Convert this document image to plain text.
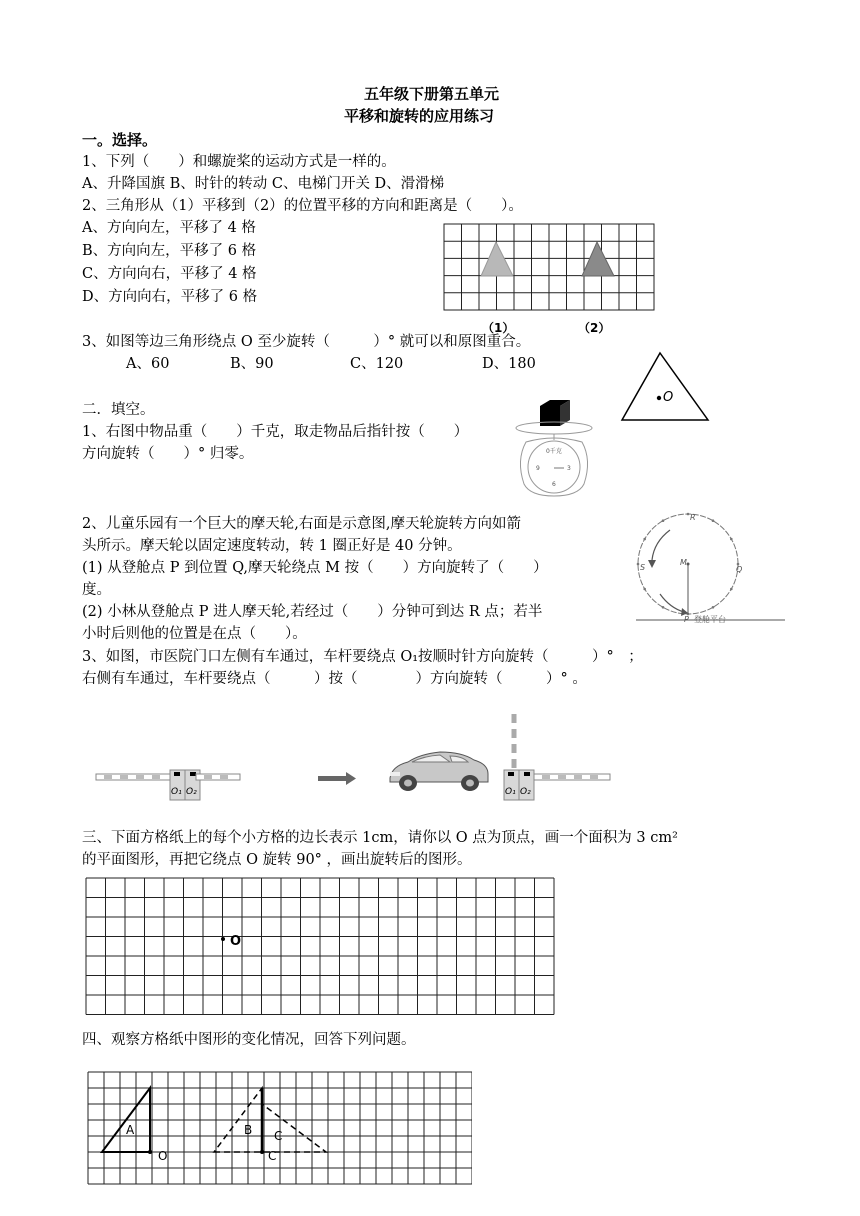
五年级下册第五单元
平移和旋转的应用练习
一。选择。
1、下列（　　）和螺旋桨的运动方式是一样的。
A、升降国旗 B、时针的转动 C、电梯门开关 D、滑滑梯
2、三角形从（1）平移到（2）的位置平移的方向和距离是（　　）。
A、方向向左，平移了 4 格
B、方向向左，平移了 6 格
C、方向向右，平移了 4 格
D、方向向右，平移了 6 格
（1）	（2）
3、如图等边三角形绕点 O 至少旋转（　　　）° 就可以和原图重合。
A、60	B、90	C、120	D、180
O
二．填空。
1、右图中物品重（　　）千克，取走物品后指针按（　　）
方向旋转（　　）° 归零。	0千克
9	3
6
2、儿童乐园有一个巨大的摩天轮,右面是示意图,摩天轮旋转方向如箭
头所示。摩天轮以固定速度转动，转 1 圈正好是 40 分钟。
(1) 从登舱点 P 到位置 Q,摩天轮绕点 M 按（　　）方向旋转了（　　）
度。
(2) 小林从登舱点 P 进人摩天轮,若经过（　　）分钟可到达 R 点；若半
小时后则他的位置是在点（　　）。
R
M
S	Q
P 登舱平台
3、如图，市医院门口左侧有车通过，车杆要绕点 O₁按顺时针方向旋转（　　　）°　；
右侧有车通过，车杆要绕点（　　　）按（　　　　）方向旋转（　　　）° 。
O₁ O₂	O₁ O₂
三、下面方格纸上的每个小方格的边长表示 1cm，请你以 O 点为顶点，画一个面积为 3 cm²
的平面图形，再把它绕点 O 旋转 90° ，画出旋转后的图形。
O
四、观察方格纸中图形的变化情况，回答下列问题。
A
O
B C
C
